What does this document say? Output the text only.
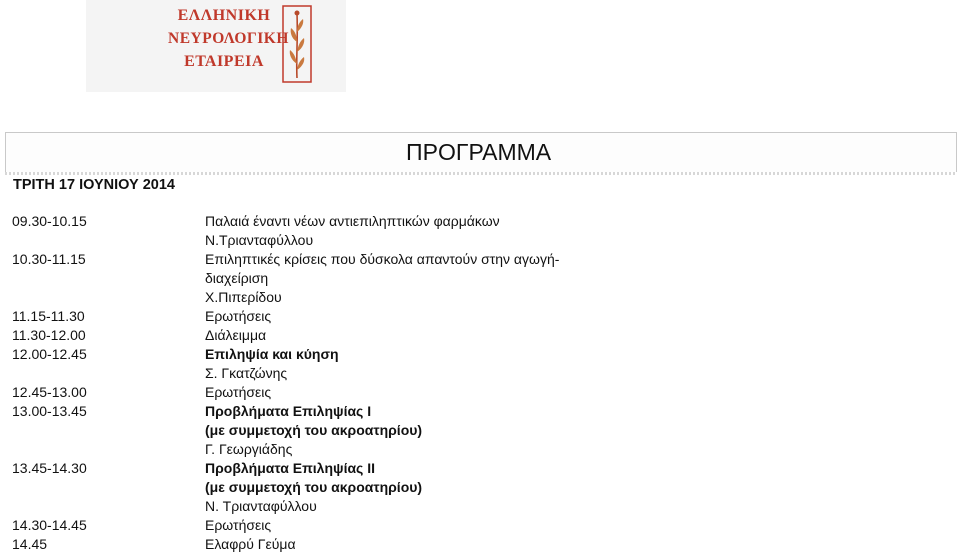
ΕΛΛΗΝΙΚΗ
ΝΕΥΡΟΛΟΓΙΚΗ
ΕΤΑΙΡΕΙΑ
ΠΡΟΓΡΑΜΜΑ
ΤΡΙΤΗ 17 ΙΟΥΝΙΟΥ 2014
09.30-10.15	Παλαιά έναντι νέων αντιεπιληπτικών φαρμάκων
Ν.Τριανταφύλλου
10.30-11.15	Επιληπτικές κρίσεις που δύσκολα απαντούν στην αγωγή-
διαχείριση
Χ.Πιπερίδου
11.15-11.30	Ερωτήσεις
11.30-12.00	Διάλειμμα
12.00-12.45	Επιληψία και κύηση
Σ. Γκατζώνης
12.45-13.00	Ερωτήσεις
13.00-13.45	Προβλήματα Επιληψίας Ι
(με συμμετοχή του ακροατηρίου)
Γ. Γεωργιάδης
13.45-14.30	Προβλήματα Επιληψίας ΙΙ
(με συμμετοχή του ακροατηρίου)
Ν. Τριανταφύλλου
14.30-14.45	Ερωτήσεις
14.45	Ελαφρύ Γεύμα
